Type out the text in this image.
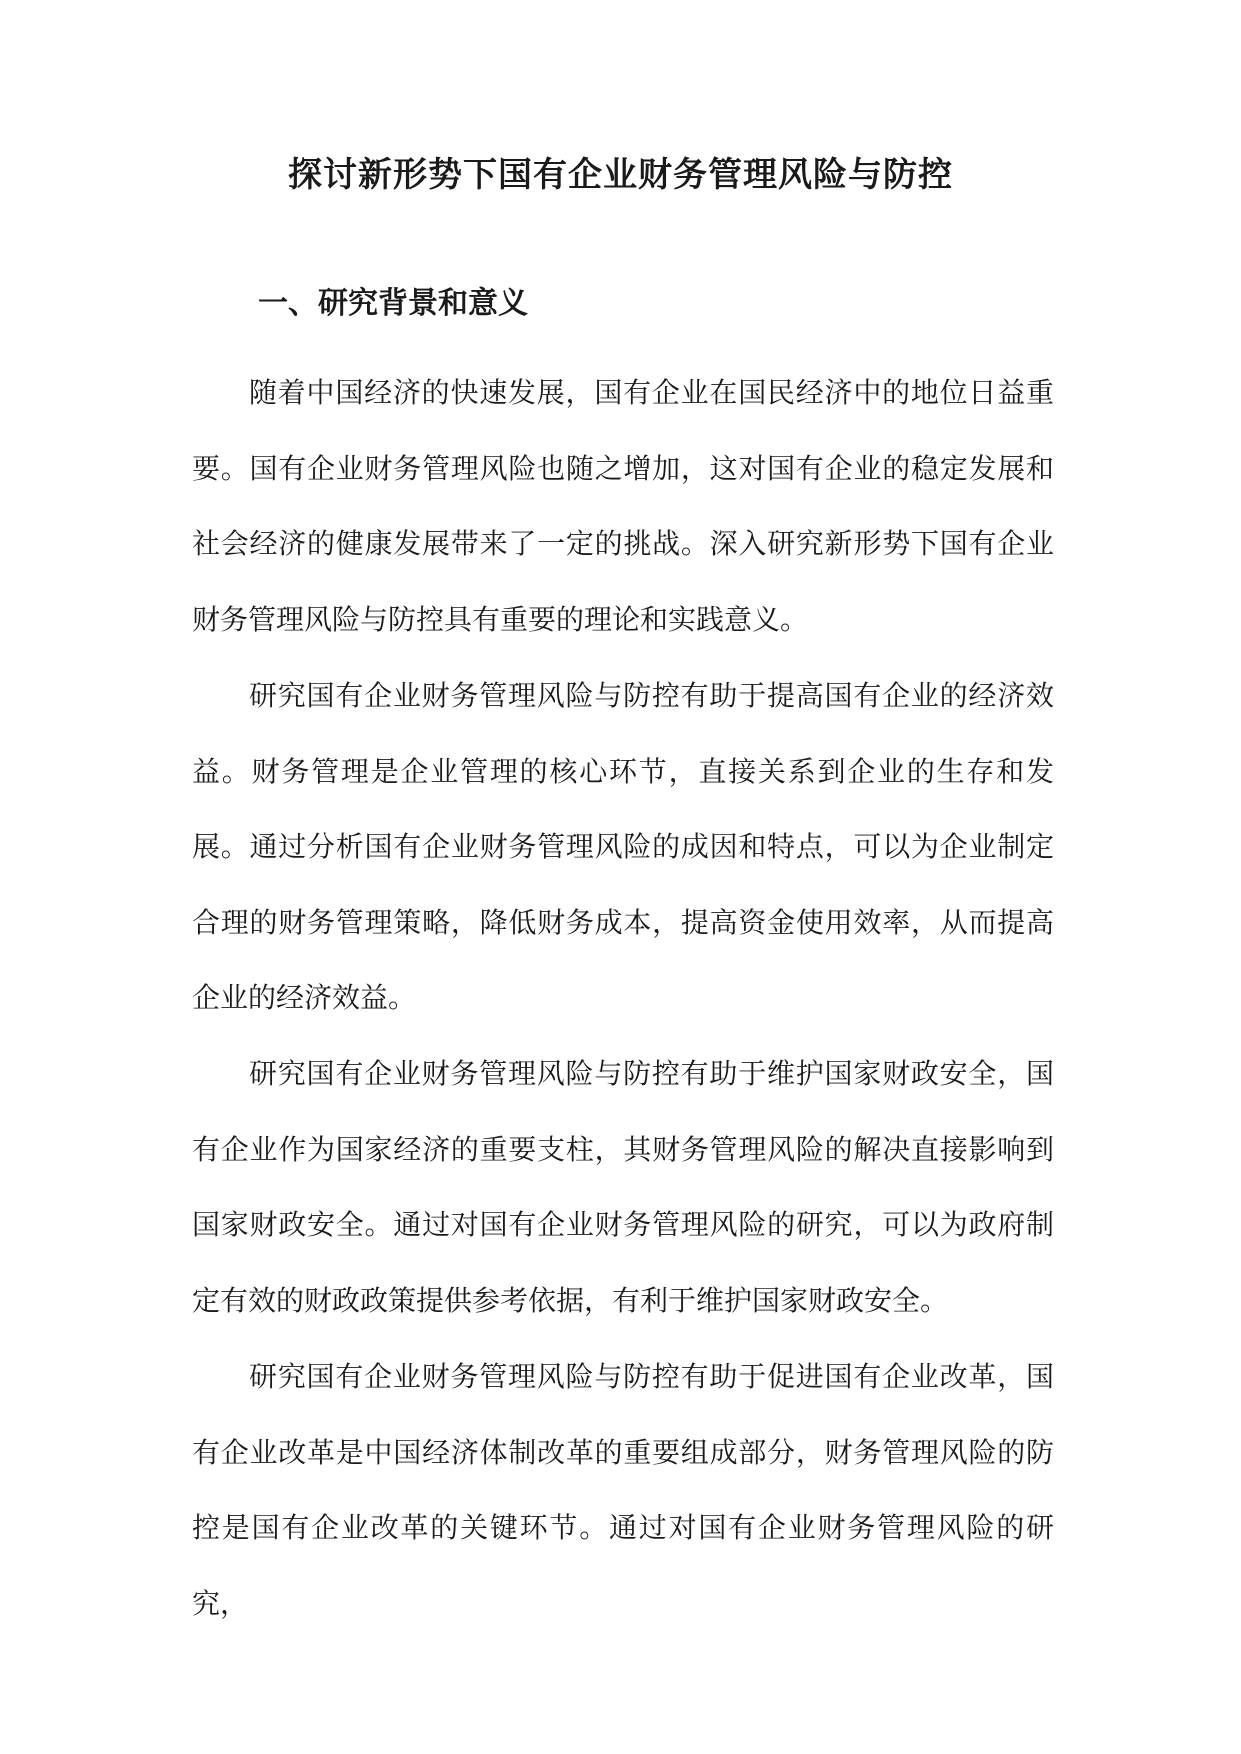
探讨新形势下国有企业财务管理风险与防控
一、研究背景和意义

随着中国经济的快速发展，国有企业在国民经济中的地位日益重要。国有企业财务管理风险也随之增加，这对国有企业的稳定发展和社会经济的健康发展带来了一定的挑战。深入研究新形势下国有企业财务管理风险与防控具有重要的理论和实践意义。

研究国有企业财务管理风险与防控有助于提高国有企业的经济效益。财务管理是企业管理的核心环节，直接关系到企业的生存和发展。通过分析国有企业财务管理风险的成因和特点，可以为企业制定合理的财务管理策略，降低财务成本，提高资金使用效率，从而提高企业的经济效益。

研究国有企业财务管理风险与防控有助于维护国家财政安全，国有企业作为国家经济的重要支柱，其财务管理风险的解决直接影响到国家财政安全。通过对国有企业财务管理风险的研究，可以为政府制定有效的财政政策提供参考依据，有利于维护国家财政安全。

研究国有企业财务管理风险与防控有助于促进国有企业改革，国有企业改革是中国经济体制改革的重要组成部分，财务管理风险的防控是国有企业改革的关键环节。通过对国有企业财务管理风险的研究，
